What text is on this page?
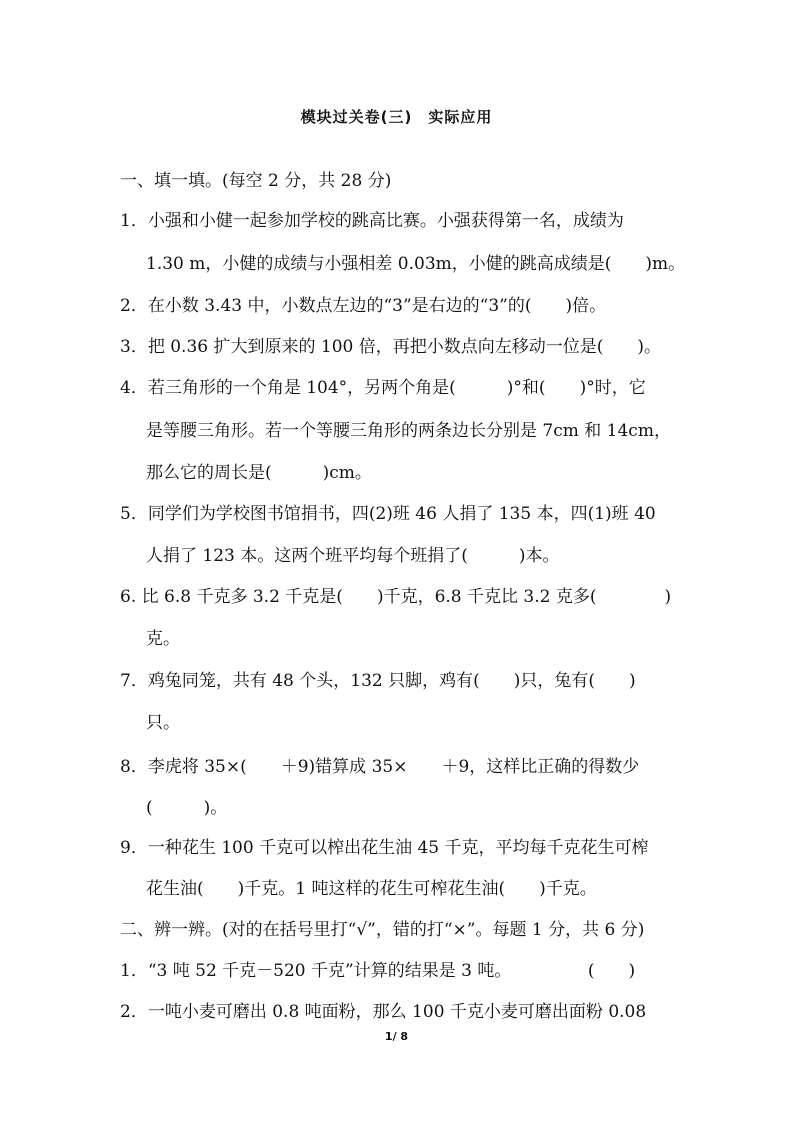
模块过关卷(三)　实际应用
一、填一填。(每空 2 分，共 28 分)
1．小强和小健一起参加学校的跳高比赛。小强获得第一名，成绩为
1.30 m，小健的成绩与小强相差 0.03m，小健的跳高成绩是(　　)m。
2．在小数 3.43 中，小数点左边的“3”是右边的“3”的(　　)倍。
3．把 0.36 扩大到原来的 100 倍，再把小数点向左移动一位是(　　)。
4．若三角形的一个角是 104°，另两个角是(　　　)°和(　　)°时，它
是等腰三角形。若一个等腰三角形的两条边长分别是 7cm 和 14cm，
那么它的周长是(　　　)cm。
5．同学们为学校图书馆捐书，四(2)班 46 人捐了 135 本，四(1)班 40
人捐了 123 本。这两个班平均每个班捐了(　　　)本。
6. 比 6.8 千克多 3.2 千克是(　　)千克，6.8 千克比 3.2 克多(　　　　)
克。
7．鸡兔同笼，共有 48 个头，132 只脚，鸡有(　　)只，兔有(　　)
只。
8．李虎将 35×(　　＋9)错算成 35×　　＋9，这样比正确的得数少
(　　　)。
9．一种花生 100 千克可以榨出花生油 45 千克，平均每千克花生可榨
花生油(　　)千克。1 吨这样的花生可榨花生油(　　)千克。
二、辨一辨。(对的在括号里打“√”，错的打“×”。每题 1 分，共 6 分)
1．“3 吨 52 千克－520 千克”计算的结果是 3 吨。　　　　　(　　)
2．一吨小麦可磨出 0.8 吨面粉，那么 100 千克小麦可磨出面粉 0.08
1/ 8
